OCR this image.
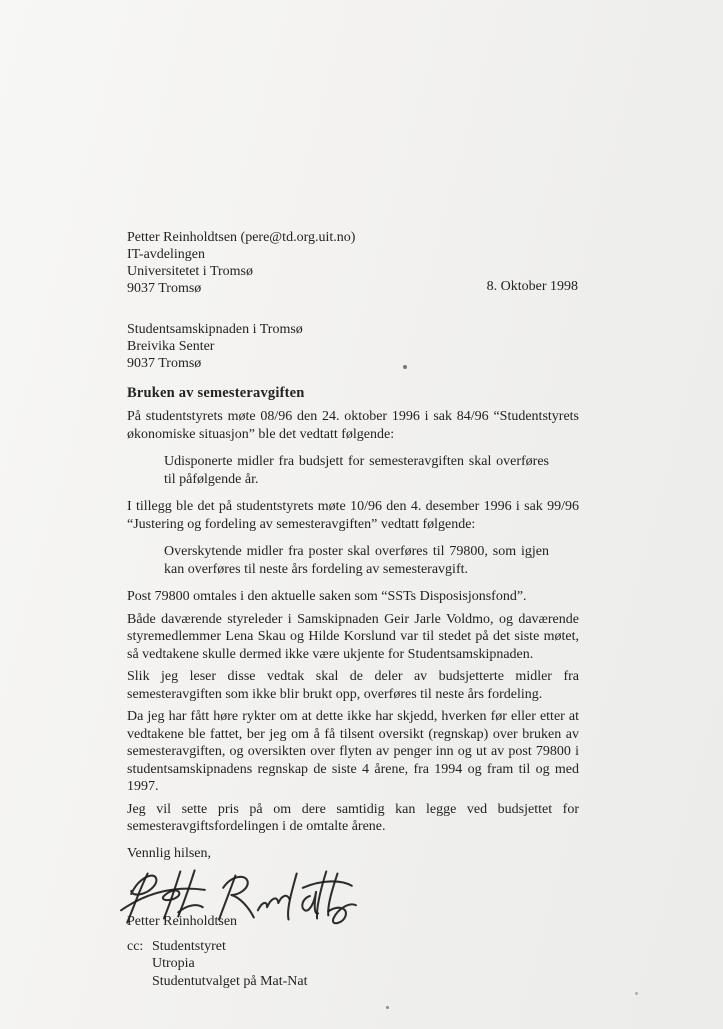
Petter Reinholdtsen (pere@td.org.uit.no)
IT-avdelingen
Universitetet i Tromsø
9037 Tromsø	8. Oktober 1998
Studentsamskipnaden i Tromsø
Breivika Senter
9037 Tromsø
Bruken av semesteravgiften

På studentstyrets møte 08/96 den 24. oktober 1996 i sak 84/96 “Studentstyrets økonomiske situasjon” ble det vedtatt følgende:

Udisponerte midler fra budsjett for semesteravgiften skal overføres til påfølgende år.

I tillegg ble det på studentstyrets møte 10/96 den 4. desember 1996 i sak 99/96 “Justering og fordeling av semesteravgiften” vedtatt følgende:

Overskytende midler fra poster skal overføres til 79800, som igjen kan overføres til neste års fordeling av semesteravgift.

Post 79800 omtales i den aktuelle saken som “SSTs Disposisjonsfond”.

Både daværende styreleder i Samskipnaden Geir Jarle Voldmo, og daværende styremedlemmer Lena Skau og Hilde Korslund var til stedet på det siste møtet, så vedtakene skulle dermed ikke være ukjente for Studentsamskipnaden.

Slik jeg leser disse vedtak skal de deler av budsjetterte midler fra semesteravgiften som ikke blir brukt opp, overføres til neste års fordeling.

Da jeg har fått høre rykter om at dette ikke har skjedd, hverken før eller etter at vedtakene ble fattet, ber jeg om å få tilsent oversikt (regnskap) over bruken av semesteravgiften, og oversikten over flyten av penger inn og ut av post 79800 i studentsamskipnadens regnskap de siste 4 årene, fra 1994 og fram til og med 1997.

Jeg vil sette pris på om dere samtidig kan legge ved budsjettet for semesteravgiftsfordelingen i de omtalte årene.

Vennlig hilsen,

Petter Reinholdtsen

cc: Studentstyret
Utropia
Studentutvalget på Mat-Nat
